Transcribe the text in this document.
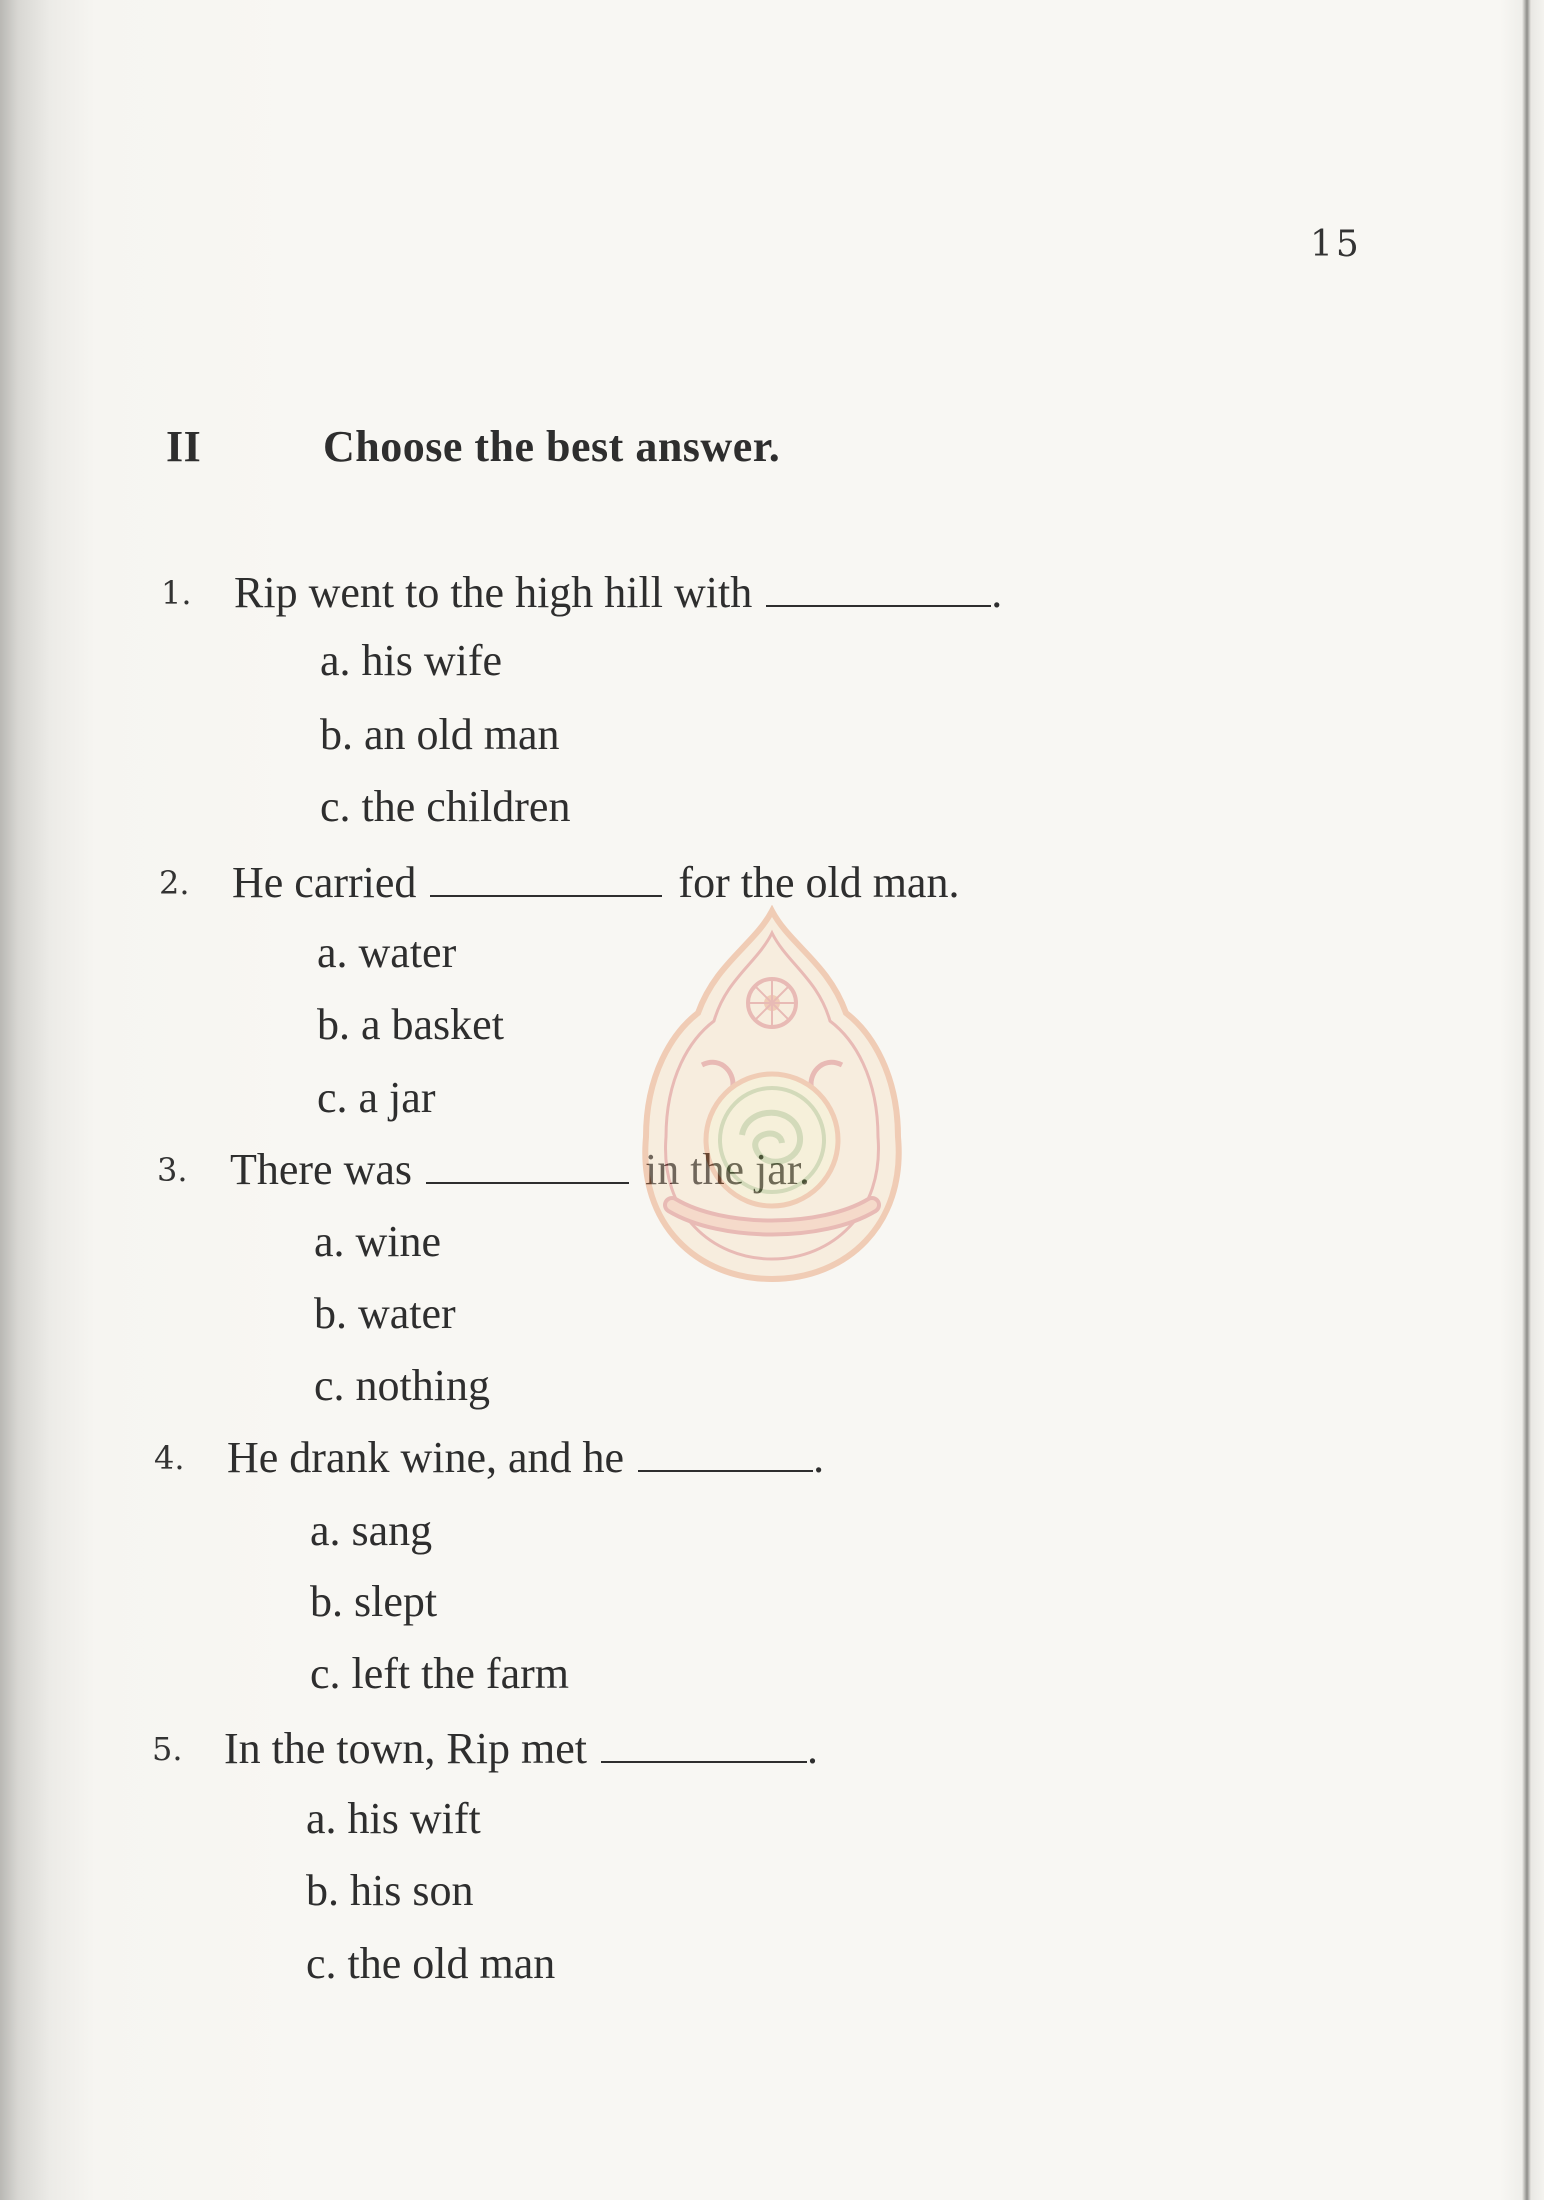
15
II	Choose the best answer.
1. Rip went to the high hill with	.
a. his wife
b. an old man
c. the children
2. He carried	for the old man.
a. water
b. a basket
c. a jar
3. There was	in the jar.
a. wine
b. water
c. nothing
4. He drank wine, and he	.
a. sang
b. slept
c. left the farm
5. In the town, Rip met	.
a. his wift
b. his son
c. the old man
